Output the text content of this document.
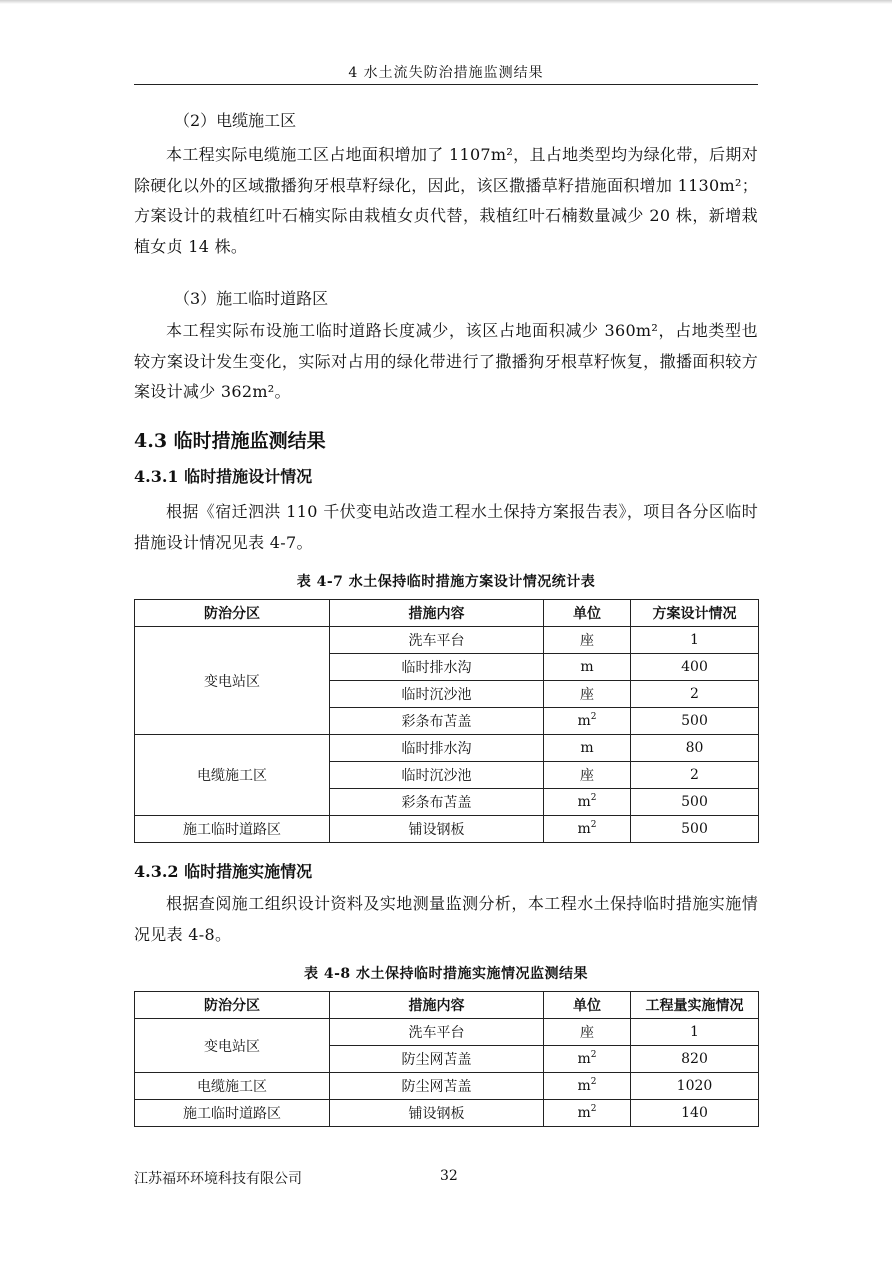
4 水土流失防治措施监测结果
（2）电缆施工区
本工程实际电缆施工区占地面积增加了 1107m²，且占地类型均为绿化带，后期对除硬化以外的区域撒播狗牙根草籽绿化，因此，该区撒播草籽措施面积增加 1130m²；方案设计的栽植红叶石楠实际由栽植女贞代替，栽植红叶石楠数量减少 20 株，新增栽植女贞 14 株。
（3）施工临时道路区
本工程实际布设施工临时道路长度减少，该区占地面积减少 360m²，占地类型也较方案设计发生变化，实际对占用的绿化带进行了撒播狗牙根草籽恢复，撒播面积较方案设计减少 362m²。
4.3 临时措施监测结果
4.3.1 临时措施设计情况
根据《宿迁泗洪 110 千伏变电站改造工程水土保持方案报告表》，项目各分区临时措施设计情况见表 4-7。
表 4-7 水土保持临时措施方案设计情况统计表
防治分区	措施内容	单位	方案设计情况
变电站区	洗车平台	座	1
	临时排水沟	m	400
	临时沉沙池	座	2
	彩条布苫盖	$m^2$	500
电缆施工区	临时排水沟	m	80
	临时沉沙池	座	2
	彩条布苫盖	$m^2$	500
施工临时道路区	铺设钢板	$m^2$	500
4.3.2 临时措施实施情况
根据查阅施工组织设计资料及实地测量监测分析，本工程水土保持临时措施实施情况见表 4-8。
表 4-8 水土保持临时措施实施情况监测结果
防治分区	措施内容	单位	工程量实施情况
变电站区	洗车平台	座	1
	防尘网苫盖	$m^2$	820
电缆施工区	防尘网苫盖	$m^2$	1020
施工临时道路区	铺设钢板	$m^2$	140
江苏福环环境科技有限公司	32
